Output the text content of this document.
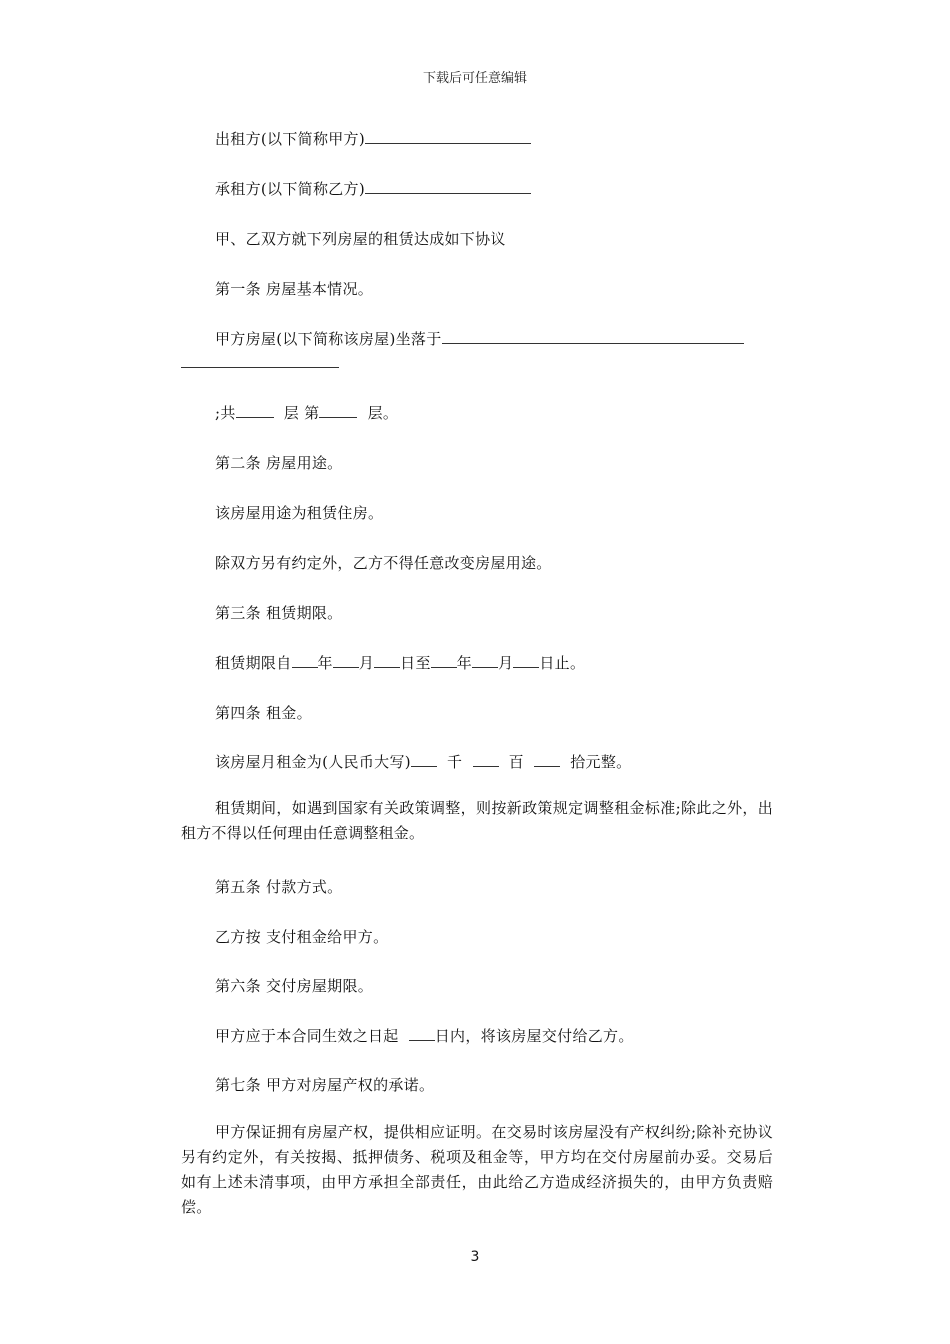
下载后可任意编辑
出租方(以下简称甲方)
承租方(以下简称乙方)
甲、乙双方就下列房屋的租赁达成如下协议
第一条 房屋基本情况。
甲方房屋(以下简称该房屋)坐落于
;共	层 第	层。
第二条 房屋用途。
该房屋用途为租赁住房。
除双方另有约定外，乙方不得任意改变房屋用途。
第三条 租赁期限。
租赁期限自 年 月 日至 年 月 日止。
第四条 租金。
该房屋月租金为(人民币大写) 千	百	拾元整。
租赁期间，如遇到国家有关政策调整，则按新政策规定调整租金标准;除此之外，出租方不得以任何理由任意调整租金。
第五条 付款方式。
乙方按 支付租金给甲方。
第六条 交付房屋期限。
甲方应于本合同生效之日起 日内，将该房屋交付给乙方。
第七条 甲方对房屋产权的承诺。
甲方保证拥有房屋产权，提供相应证明。在交易时该房屋没有产权纠纷;除补充协议另有约定外，有关按揭、抵押债务、税项及租金等，甲方均在交付房屋前办妥。交易后如有上述未清事项，由甲方承担全部责任，由此给乙方造成经济损失的，由甲方负责赔偿。
3
